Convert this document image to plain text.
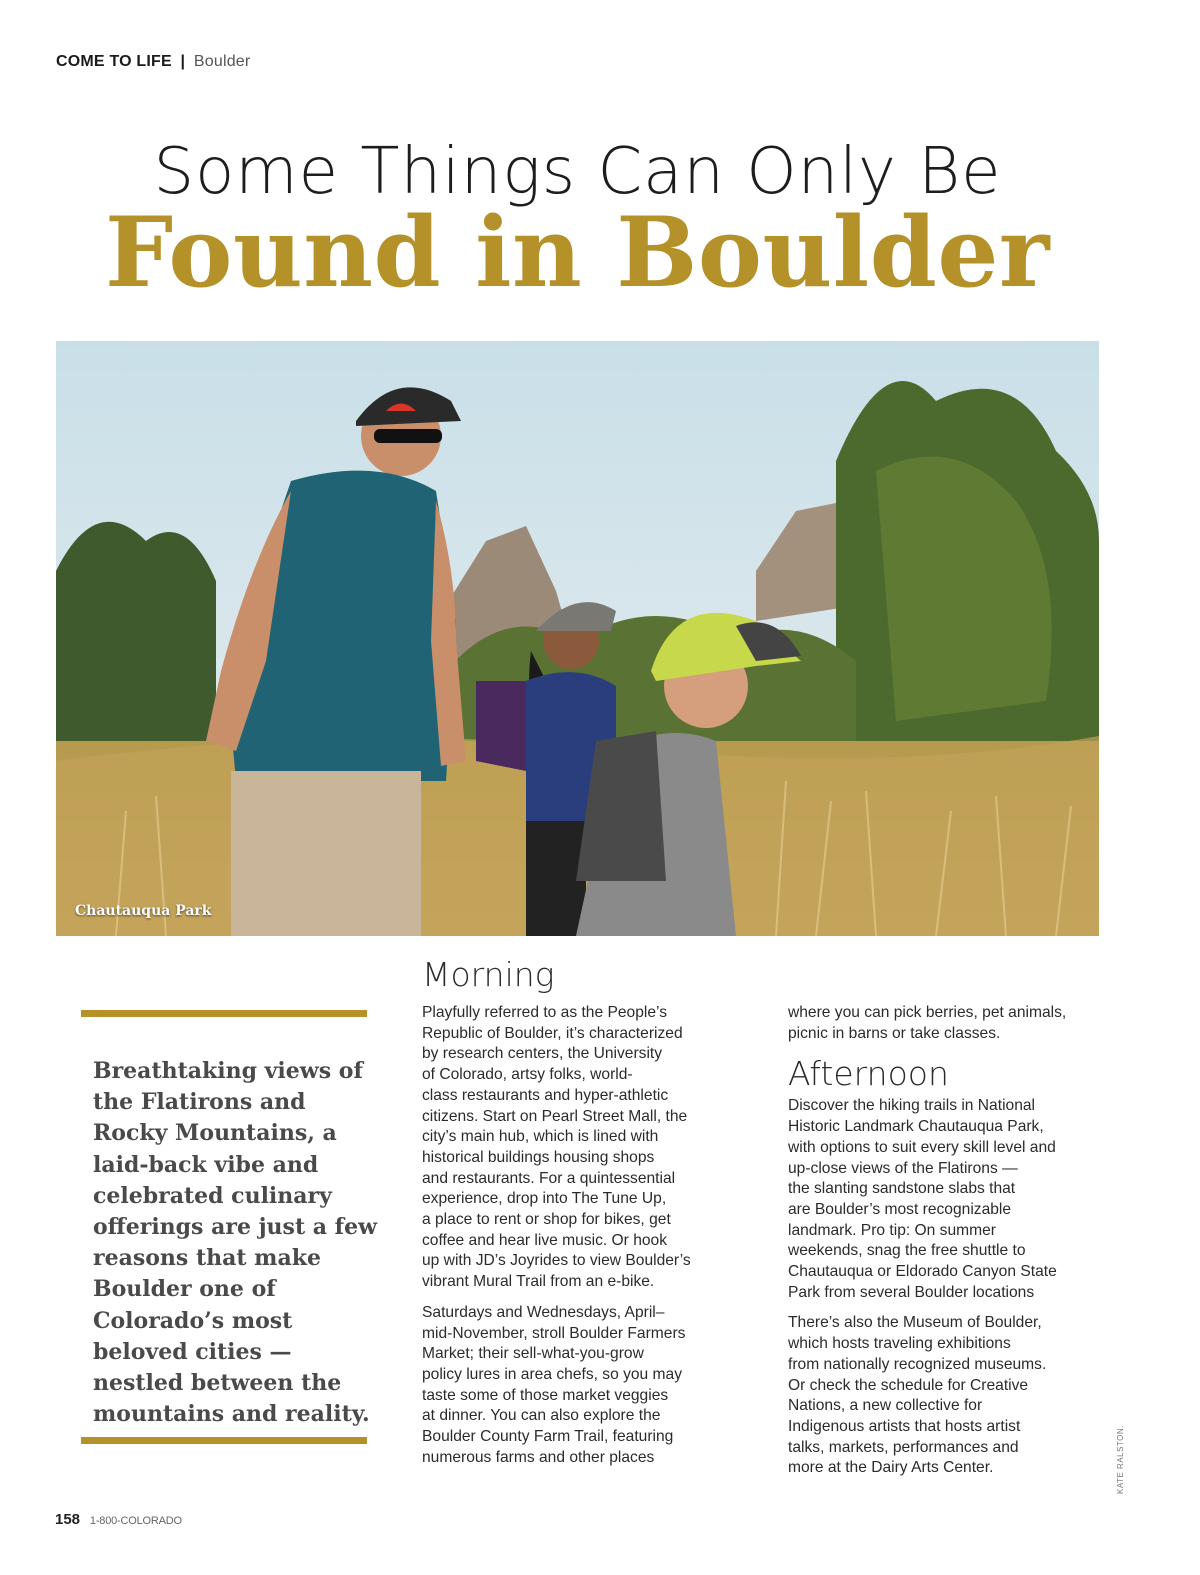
COME TO LIFE | Boulder
Some Things Can Only Be
Found in Boulder
Chautauqua Park
Breathtaking views of the Flatirons and Rocky Mountains, a laid-back vibe and celebrated culinary offerings are just a few reasons that make Boulder one of Colorado’s most beloved cities — nestled between the mountains and reality.
Morning

Playfully referred to as the People’s
Republic of Boulder, it’s characterized
by research centers, the University
of Colorado, artsy folks, world-
class restaurants and hyper-athletic
citizens. Start on Pearl Street Mall, the
city’s main hub, which is lined with
historical buildings housing shops
and restaurants. For a quintessential
experience, drop into The Tune Up,
a place to rent or shop for bikes, get
coffee and hear live music. Or hook
up with JD’s Joyrides to view Boulder’s
vibrant Mural Trail from an e-bike.

Saturdays and Wednesdays, April–
mid-November, stroll Boulder Farmers
Market; their sell-what-you-grow
policy lures in area chefs, so you may
taste some of those market veggies
at dinner. You can also explore the
Boulder County Farm Trail, featuring
numerous farms and other places

where you can pick berries, pet animals,
picnic in barns or take classes.

Afternoon

Discover the hiking trails in National
Historic Landmark Chautauqua Park,
with options to suit every skill level and
up-close views of the Flatirons —
the slanting sandstone slabs that
are Boulder’s most recognizable
landmark. Pro tip: On summer
weekends, snag the free shuttle to
Chautauqua or Eldorado Canyon State
Park from several Boulder locations

There’s also the Museum of Boulder,
which hosts traveling exhibitions
from nationally recognized museums.
Or check the schedule for Creative
Nations, a new collective for
Indigenous artists that hosts artist
talks, markets, performances and
more at the Dairy Arts Center.	KATE RALSTON.
158 1-800-COLORADO
